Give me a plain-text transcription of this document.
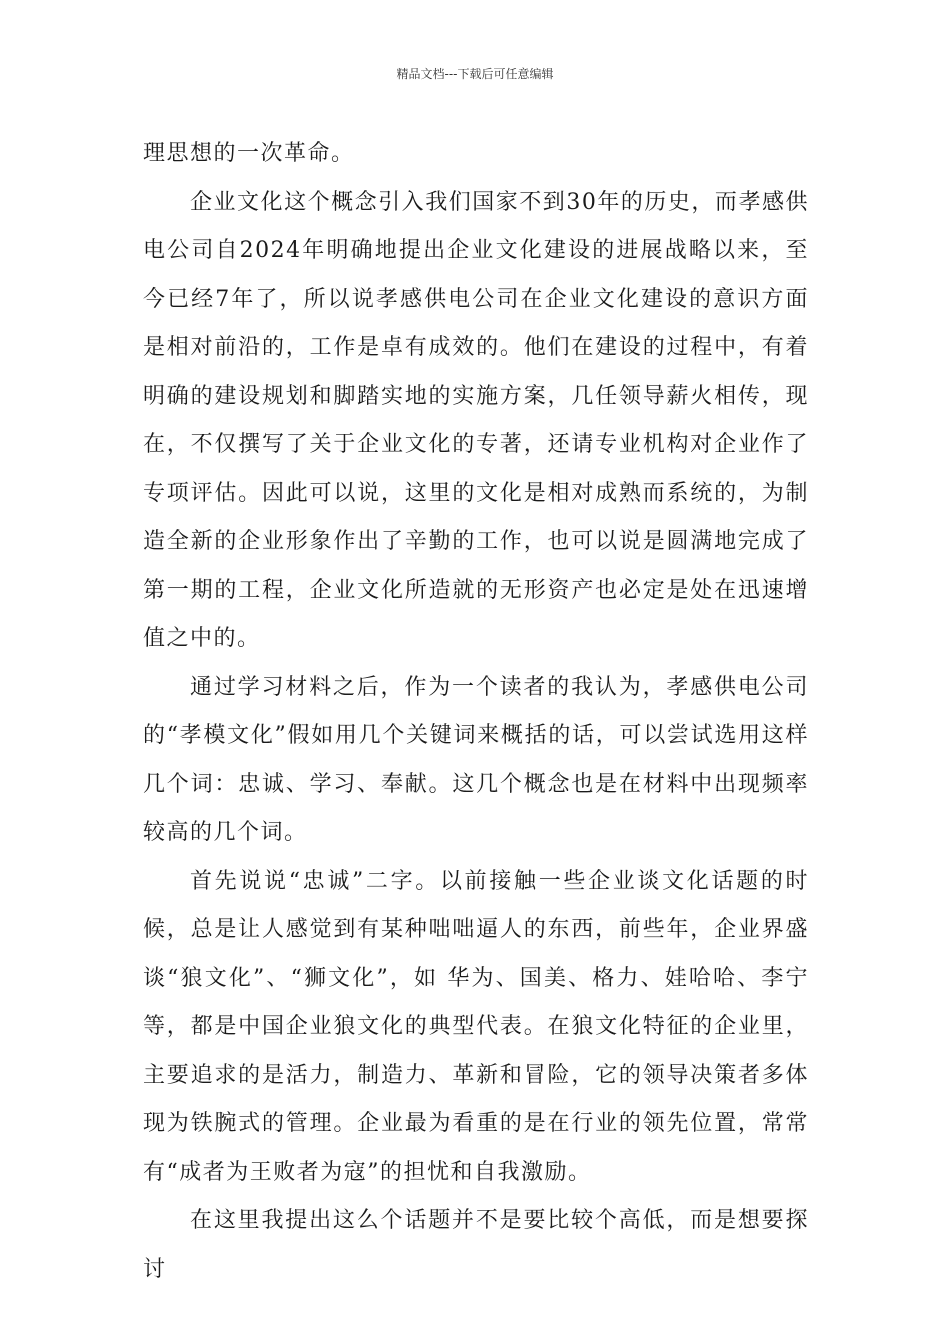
精品文档---下载后可任意编辑

理思想的一次革命。

企业文化这个概念引入我们国家不到30年的历史，而孝感供电公司自2024年明确地提出企业文化建设的进展战略以来，至今已经7年了，所以说孝感供电公司在企业文化建设的意识方面是相对前沿的，工作是卓有成效的。他们在建设的过程中，有着明确的建设规划和脚踏实地的实施方案，几任领导薪火相传，现在，不仅撰写了关于企业文化的专著，还请专业机构对企业作了专项评估。因此可以说，这里的文化是相对成熟而系统的，为制造全新的企业形象作出了辛勤的工作，也可以说是圆满地完成了第一期的工程，企业文化所造就的无形资产也必定是处在迅速增值之中的。

通过学习材料之后，作为一个读者的我认为，孝感供电公司的“孝模文化”假如用几个关键词来概括的话，可以尝试选用这样几个词：忠诚、学习、奉献。这几个概念也是在材料中出现频率较高的几个词。

首先说说“忠诚”二字。以前接触一些企业谈文化话题的时候，总是让人感觉到有某种咄咄逼人的东西，前些年，企业界盛谈“狼文化”、“狮文化”，如 华为、国美、格力、娃哈哈、李宁等，都是中国企业狼文化的典型代表。在狼文化特征的企业里，主要追求的是活力，制造力、革新和冒险，它的领导决策者多体现为铁腕式的管理。企业最为看重的是在行业的领先位置，常常有“成者为王败者为寇”的担忧和自我激励。

在这里我提出这么个话题并不是要比较个高低，而是想要探讨
